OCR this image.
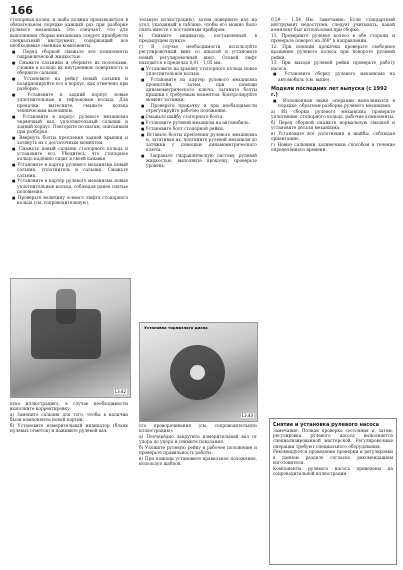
166

стопорных колец, и шаба должна производиться в обязательном порядке каждый раз при разборке рулевого механизма. Это означает, что для выполнения сборки механизма следует приобрести специальный инструмент, содержащий все необходимые сменные компоненты.

■ Перед сборкой смажьте все компоненты гидравлической жидкостью.

■ Смажьте сальники и оберните их полосками, сложив в кольцо их внутреннюю поверхность и оберните сальник.

■ Установите на рейку новый сальник и позиционируйте его в корпус, как отмечено при разборке.

■ Установите в задний корпус новые уплотнительные и тефлоновые кольца. Для прокачки вытесните, смажьте кольца техническим вазелином.

■ Установите в корпус рулевого механизма червячный вал, уплотнительный сальник и задний корпус. Повторите по шагам, описанным при разборке.

■ Ввернуть болты крепления задней крышки и затянуть их с достаточным моментом.

■ Смажьте новый сальник стопорного кольца и установите его. Убедитесь, что стопорное кольцо надёжно сидит в своей канавке.

■ Установите в картер рулевого механизма новый сальник, уплотнитель и сальник. Смажьте сальник.

■ Установите в картер рулевого механизма новые уплотнительные кольца, соблюдая ранее снятые положения.

■ Проверьте величину осевого люфта стопорного кольца (см. сопроводительную).

13.42

куко иллюстрацию), в случае необходимости выполните корректировку:

а) Замените сальник для того, чтобы в наличии были компоненты новой партии.

б) Установите измерительный индикатор (бланк нулевых отметок) и наживите рулевой вал.

тельную иллюстрацию), затем поверните вал на угол, указанный в таблице, чтобы его можно было снять вместе с постоянным прибором.

в) Снимите индикатор, поставленный в предыдущем пункте.

г) В случае необходимости используйте регулировочный винт со шкалой и установите новый регулировочный винт. Осевой люфт находится в пределах 0,01 - 1,05 мм.

■ Установите на крышку стопорного кольца новое уплотнительное кольцо.

■ Установите на картер рулевого механизма кронштейн, затем, при помощи динамометрического ключа, затяните болты крышки с требуемым моментом. Контролируйте момент затяжки.

■ Проверьте прокачку и при необходимости отрегулируйте рабочее положение.

■ Смажьте шайбу стопорного болта.

■ Установите рулевой механизм на автомобиль.

■ Установите болт стопорной рейки.

■ Вставьте болты крепления рулевого механизма и, затягивая их, подтяните рулевой механизм до затяжки с помощью динамометрического ключа.

■ Заправьте гидравлическую систему рулевой жидкостью, выполните прокачку, проверьте уровень.

Установка тормозного диска
13.43

ого проворачивания (см. сопроводительную иллюстрацию):

а) Поочерёдно закрутите измерительный вал от упора до упора и снимите показания.

б) Уложите рулевую рейку в рабочее положение и проверьте правильность работы.

в) При помощи установите правильное положение, используя шаблон.

0,59 - 1,54 Нм. Замечание: Если стандартный инструмент недоступен, следует учитывать, какой комплект был использован при сборке.

11. Проверните рулевое колесо в обе стороны и проверьте поворот на 360° в направлении.

12. При помощи прокачки проверьте свободное вращение рулевого колеса при повороте рулевой рейки.

13. При выходе рулевой рейки проверьте работу насоса.

■ Установите сборку рулевого механизма на автомобиль (см. выше).

Модели последних лет выпуска (с 1992 г.)

■ Изложенные ниже операции выполняются в порядке, обратном разборке рулевого механизма.

a) Из сборки рулевого механизма проверьте уплотнение, стопорного кольца, рабочие компоненты.

б) Перед сборкой смажьте нормальную смазкой и установите детали механизма.

в) Установите все уплотнения и шайбы, соблюдая ориентацию.

г) Новые сальники заливочным способом в течение определённого времени.

Снятие и установка рулевого насоса

Замечание: Полная проверка состояния и, затем, регулировка рулевого насоса выполняется специализированной мастерской. Регулировочные операции требуют специального оборудования.

Рекомендуется проведение проверки и регулировки в данном разделе согласно рекомендациям изготовителя.

Компоненты рулевого насоса приведены на сопроводительной иллюстрации.
